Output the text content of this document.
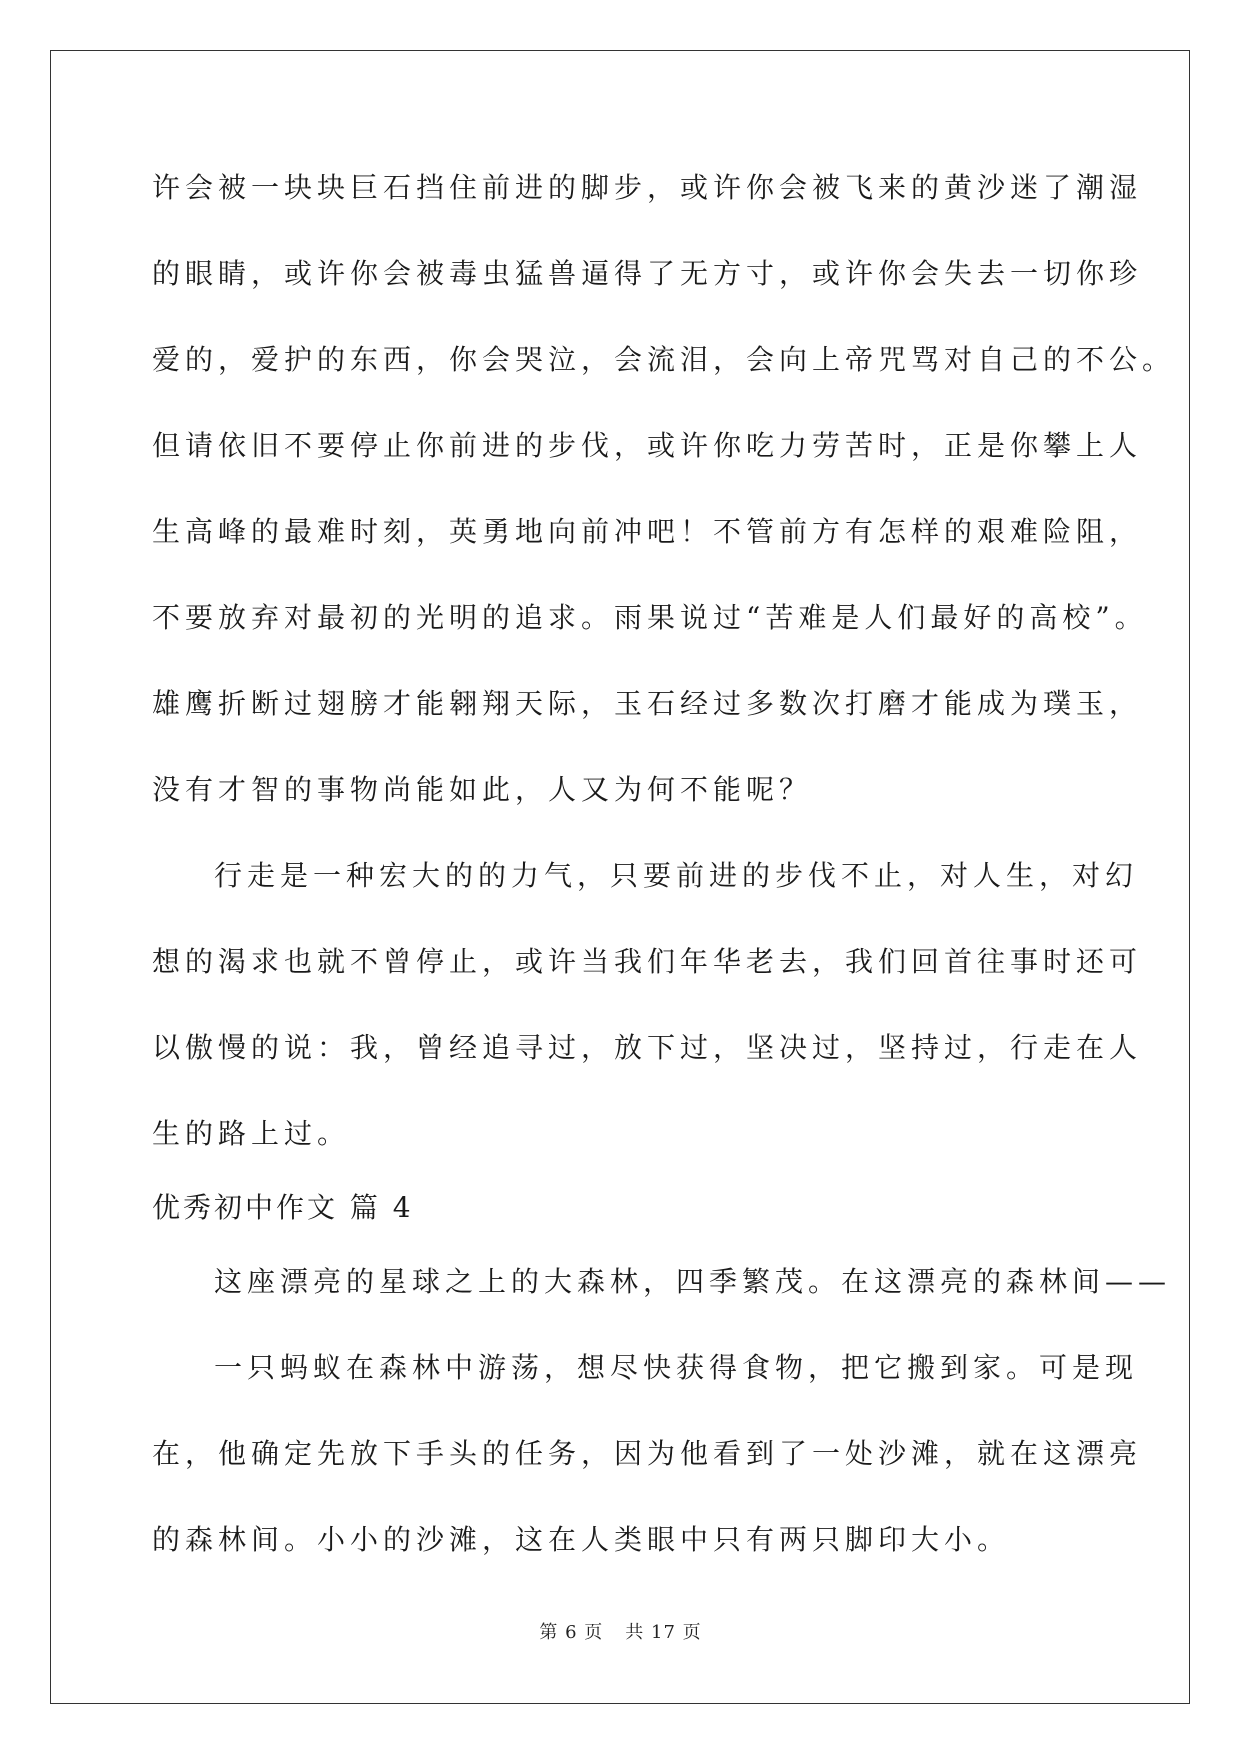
许会被一块块巨石挡住前进的脚步，或许你会被飞来的黄沙迷了潮湿
的眼睛，或许你会被毒虫猛兽逼得了无方寸，或许你会失去一切你珍
爱的，爱护的东西，你会哭泣，会流泪，会向上帝咒骂对自己的不公。
但请依旧不要停止你前进的步伐，或许你吃力劳苦时，正是你攀上人
生高峰的最难时刻，英勇地向前冲吧！不管前方有怎样的艰难险阻，
不要放弃对最初的光明的追求。雨果说过“苦难是人们最好的高校”。
雄鹰折断过翅膀才能翱翔天际，玉石经过多数次打磨才能成为璞玉，
没有才智的事物尚能如此，人又为何不能呢？
行走是一种宏大的的力气，只要前进的步伐不止，对人生，对幻
想的渴求也就不曾停止，或许当我们年华老去，我们回首往事时还可
以傲慢的说：我，曾经追寻过，放下过，坚决过，坚持过，行走在人
生的路上过。
优秀初中作文 篇 4
这座漂亮的星球之上的大森林，四季繁茂。在这漂亮的森林间——
一只蚂蚁在森林中游荡，想尽快获得食物，把它搬到家。可是现
在，他确定先放下手头的任务，因为他看到了一处沙滩，就在这漂亮
的森林间。小小的沙滩，这在人类眼中只有两只脚印大小。
第 6 页 共 17 页
